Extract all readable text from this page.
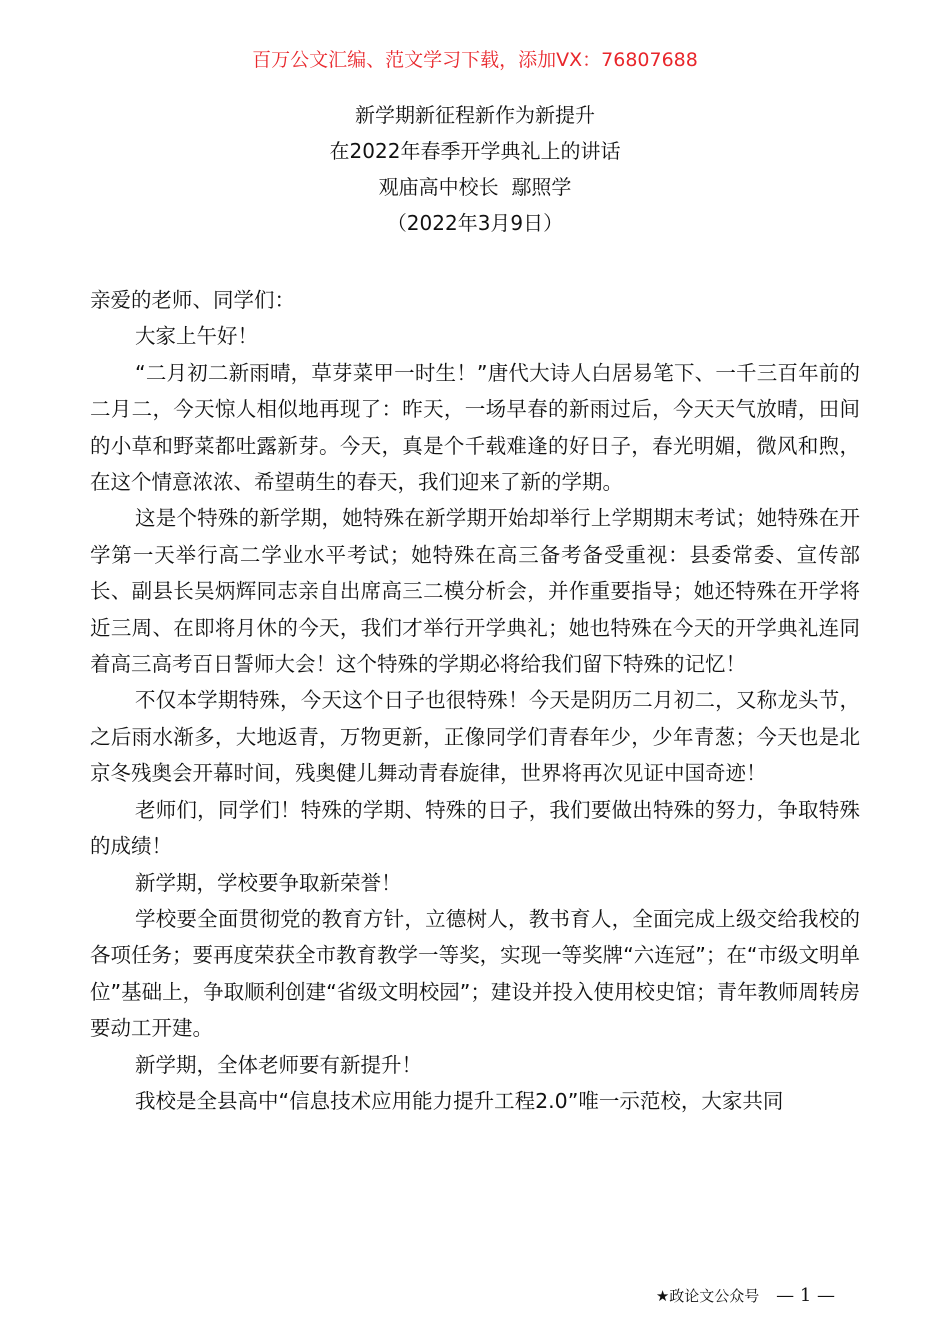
百万公文汇编、范文学习下载，添加VX：76807688
新学期新征程新作为新提升
在2022年春季开学典礼上的讲话
观庙高中校长  鄢照学
（2022年3月9日）

亲爱的老师、同学们：

大家上午好！

“二月初二新雨晴，草芽菜甲一时生！”唐代大诗人白居易笔下、一千三百年前的二月二，今天惊人相似地再现了：昨天，一场早春的新雨过后，今天天气放晴，田间的小草和野菜都吐露新芽。今天，真是个千载难逢的好日子，春光明媚，微风和煦，在这个情意浓浓、希望萌生的春天，我们迎来了新的学期。

这是个特殊的新学期，她特殊在新学期开始却举行上学期期末考试；她特殊在开学第一天举行高二学业水平考试；她特殊在高三备考备受重视：县委常委、宣传部长、副县长吴炳辉同志亲自出席高三二模分析会，并作重要指导；她还特殊在开学将近三周、在即将月休的今天，我们才举行开学典礼；她也特殊在今天的开学典礼连同着高三高考百日誓师大会！这个特殊的学期必将给我们留下特殊的记忆！

不仅本学期特殊，今天这个日子也很特殊！今天是阴历二月初二，又称龙头节，之后雨水渐多，大地返青，万物更新，正像同学们青春年少，少年青葱；今天也是北京冬残奥会开幕时间，残奥健儿舞动青春旋律，世界将再次见证中国奇迹！

老师们，同学们！特殊的学期、特殊的日子，我们要做出特殊的努力，争取特殊的成绩！

新学期，学校要争取新荣誉！

学校要全面贯彻党的教育方针，立德树人，教书育人，全面完成上级交给我校的各项任务；要再度荣获全市教育教学一等奖，实现一等奖牌“六连冠”；在“市级文明单位”基础上，争取顺利创建“省级文明校园”；建设并投入使用校史馆；青年教师周转房要动工开建。

新学期，全体老师要有新提升！

我校是全县高中“信息技术应用能力提升工程2.0”唯一示范校，大家共同

★政论文公众号 — 1 —
